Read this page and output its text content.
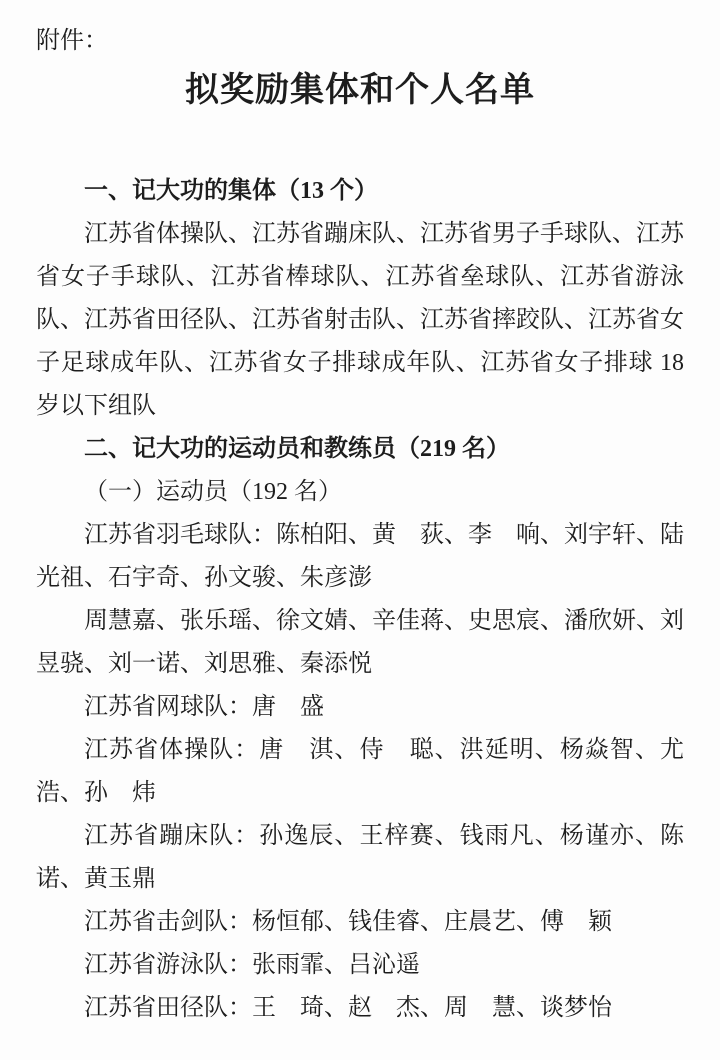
附件：

拟奖励集体和个人名单

一、记大功的集体（13 个）

江苏省体操队、江苏省蹦床队、江苏省男子手球队、江苏省女子手球队、江苏省棒球队、江苏省垒球队、江苏省游泳队、江苏省田径队、江苏省射击队、江苏省摔跤队、江苏省女子足球成年队、江苏省女子排球成年队、江苏省女子排球 18 岁以下组队

二、记大功的运动员和教练员（219 名）

（一）运动员（192 名）

江苏省羽毛球队：陈柏阳、黄　荻、李　响、刘宇轩、陆光祖、石宇奇、孙文骏、朱彦澎

周慧嘉、张乐瑶、徐文婧、辛佳蒋、史思宸、潘欣妍、刘昱骁、刘一诺、刘思雅、秦添悦

江苏省网球队：唐　盛

江苏省体操队：唐　淇、侍　聪、洪延明、杨焱智、尤浩、孙　炜

江苏省蹦床队：孙逸辰、王梓赛、钱雨凡、杨谨亦、陈诺、黄玉鼎

江苏省击剑队：杨恒郁、钱佳睿、庄晨艺、傅　颖

江苏省游泳队：张雨霏、吕沁遥

江苏省田径队：王　琦、赵　杰、周　慧、谈梦怡
